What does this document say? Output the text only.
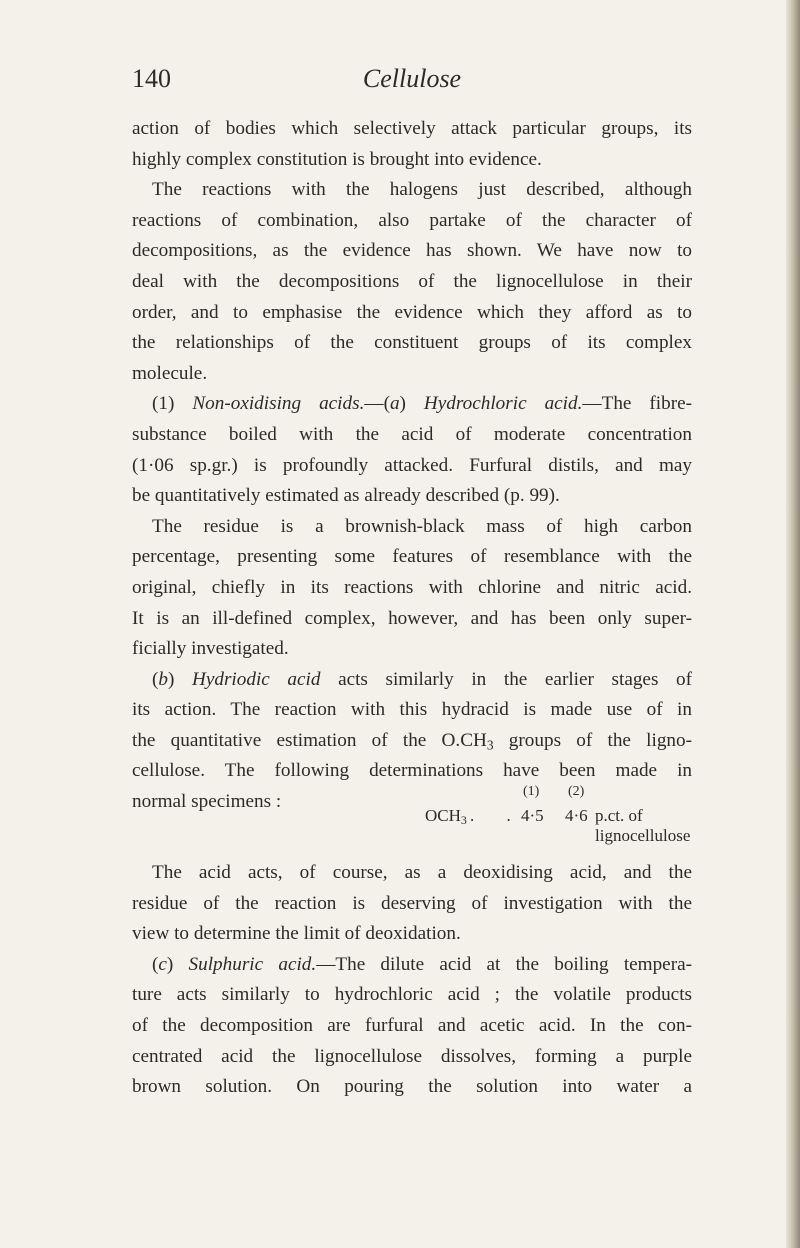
140	Cellulose
action of bodies which selectively attack particular groups, its
highly complex constitution is brought into evidence.
The reactions with the halogens just described, although
reactions of combination, also partake of the character of
decompositions, as the evidence has shown. We have now to
deal with the decompositions of the lignocellulose in their
order, and to emphasise the evidence which they afford as to
the relationships of the constituent groups of its complex
molecule.
(1) Non-oxidising acids.—(a) Hydrochloric acid.—The fibre-
substance boiled with the acid of moderate concentration
(1·06 sp.gr.) is profoundly attacked. Furfural distils, and may
be quantitatively estimated as already described (p. 99).
The residue is a brownish-black mass of high carbon
percentage, presenting some features of resemblance with the
original, chiefly in its reactions with chlorine and nitric acid.
It is an ill-defined complex, however, and has been only super-
ficially investigated.
(b) Hydriodic acid acts similarly in the earlier stages of
its action. The reaction with this hydracid is made use of in
the quantitative estimation of the $O.CH_3$ groups of the ligno-
cellulose. The following determinations have been made in
normal specimens :	(1) (2)
$OCH_3$ . .
4·5 4·6 p.ct. of lignocellulose
The acid acts, of course, as a deoxidising acid, and the
residue of the reaction is deserving of investigation with the
view to determine the limit of deoxidation.
(c) Sulphuric acid.—The dilute acid at the boiling tempera-
ture acts similarly to hydrochloric acid ; the volatile products
of the decomposition are furfural and acetic acid. In the con-
centrated acid the lignocellulose dissolves, forming a purple
brown solution. On pouring the solution into water a
